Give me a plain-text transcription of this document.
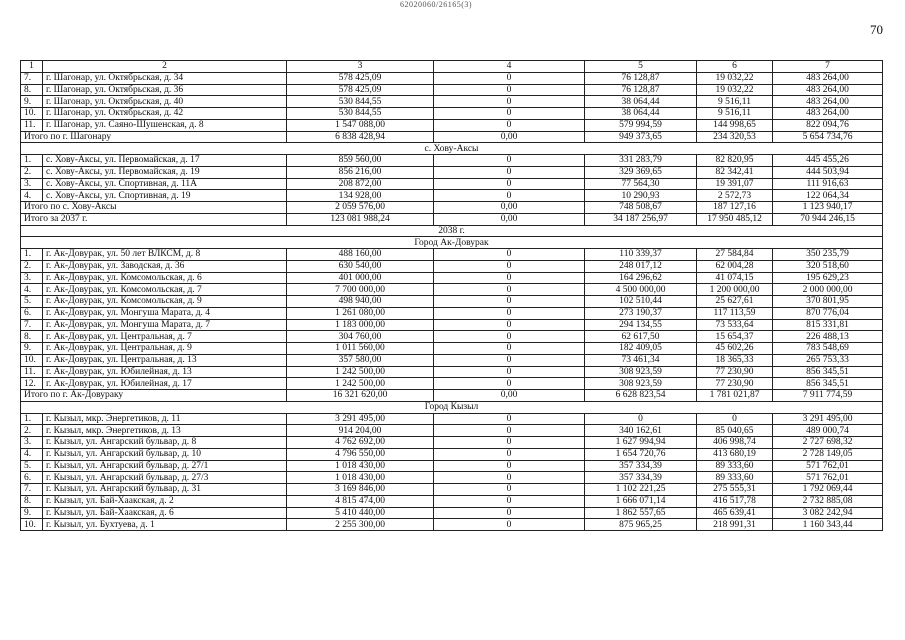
62020060/26165(3)
70
1	2	3	4	5	6	7
7.	г. Шагонар, ул. Октябрьская, д. 34	578 425,09	0	76 128,87	19 032,22	483 264,00
8.	г. Шагонар, ул. Октябрьская, д. 36	578 425,09	0	76 128,87	19 032,22	483 264,00
9.	г. Шагонар, ул. Октябрьская, д. 40	530 844,55	0	38 064,44	9 516,11	483 264,00
10.	г. Шагонар, ул. Октябрьская, д. 42	530 844,55	0	38 064,44	9 516,11	483 264,00
11.	г. Шагонар, ул. Саяно-Шушенская, д. 8	1 547 088,00	0	579 994,59	144 998,65	822 094,76
Итого по г. Шагонару		6 838 428,94	0,00	949 373,65	234 320,53	5 654 734,76
с. Хову-Аксы						
1.	с. Хову-Аксы, ул. Первомайская, д. 17	859 560,00	0	331 283,79	82 820,95	445 455,26
2.	с. Хову-Аксы, ул. Первомайская, д. 19	856 216,00	0	329 369,65	82 342,41	444 503,94
3.	с. Хову-Аксы, ул. Спортивная, д. 11А	208 872,00	0	77 564,30	19 391,07	111 916,63
4.	с. Хову-Аксы, ул. Спортивная, д. 19	134 928,00	0	10 290,93	2 572,73	122 064,34
Итого по с. Хову-Аксы		2 059 576,00	0,00	748 508,67	187 127,16	1 123 940,17
Итого за 2037 г.		123 081 988,24	0,00	34 187 256,97	17 950 485,12	70 944 246,15
2038 г.						
Город Ак-Довурак						
1.	г. Ак-Довурак, ул. 50 лет ВЛКСМ, д. 8	488 160,00	0	110 339,37	27 584,84	350 235,79
2.	г. Ак-Довурак, ул. Заводская, д. 36	630 540,00	0	248 017,12	62 004,28	320 518,60
3.	г. Ак-Довурак, ул. Комсомольская, д. 6	401 000,00	0	164 296,62	41 074,15	195 629,23
4.	г. Ак-Довурак, ул. Комсомольская, д. 7	7 700 000,00	0	4 500 000,00	1 200 000,00	2 000 000,00
5.	г. Ак-Довурак, ул. Комсомольская, д. 9	498 940,00	0	102 510,44	25 627,61	370 801,95
6.	г. Ак-Довурак, ул. Монгуша Марата, д. 4	1 261 080,00	0	273 190,37	117 113,59	870 776,04
7.	г. Ак-Довурак, ул. Монгуша Марата, д. 7	1 183 000,00	0	294 134,55	73 533,64	815 331,81
8.	г. Ак-Довурак, ул. Центральная, д. 7	304 760,00	0	62 617,50	15 654,37	226 488,13
9.	г. Ак-Довурак, ул. Центральная, д. 9	1 011 560,00	0	182 409,05	45 602,26	783 548,69
10.	г. Ак-Довурак, ул. Центральная, д. 13	357 580,00	0	73 461,34	18 365,33	265 753,33
11.	г. Ак-Довурак, ул. Юбилейная, д. 13	1 242 500,00	0	308 923,59	77 230,90	856 345,51
12.	г. Ак-Довурак, ул. Юбилейная, д. 17	1 242 500,00	0	308 923,59	77 230,90	856 345,51
Итого по г. Ак-Довураку		16 321 620,00	0,00	6 628 823,54	1 781 021,87	7 911 774,59
Город Кызыл						
1.	г. Кызыл, мкр. Энергетиков, д. 11	3 291 495,00	0	0	0	3 291 495,00
2.	г. Кызыл, мкр. Энергетиков, д. 13	914 204,00	0	340 162,61	85 040,65	489 000,74
3.	г. Кызыл, ул. Ангарский бульвар, д. 8	4 762 692,00	0	1 627 994,94	406 998,74	2 727 698,32
4.	г. Кызыл, ул. Ангарский бульвар, д. 10	4 796 550,00	0	1 654 720,76	413 680,19	2 728 149,05
5.	г. Кызыл, ул. Ангарский бульвар, д. 27/1	1 018 430,00	0	357 334,39	89 333,60	571 762,01
6.	г. Кызыл, ул. Ангарский бульвар, д. 27/3	1 018 430,00	0	357 334,39	89 333,60	571 762,01
7.	г. Кызыл, ул. Ангарский бульвар, д. 31	3 169 846,00	0	1 102 221,25	275 555,31	1 792 069,44
8.	г. Кызыл, ул. Бай-Хаакская, д. 2	4 815 474,00	0	1 666 071,14	416 517,78	2 732 885,08
9.	г. Кызыл, ул. Бай-Хаакская, д. 6	5 410 440,00	0	1 862 557,65	465 639,41	3 082 242,94
10.	г. Кызыл, ул. Бухтуева, д. 1	2 255 300,00	0	875 965,25	218 991,31	1 160 343,44
